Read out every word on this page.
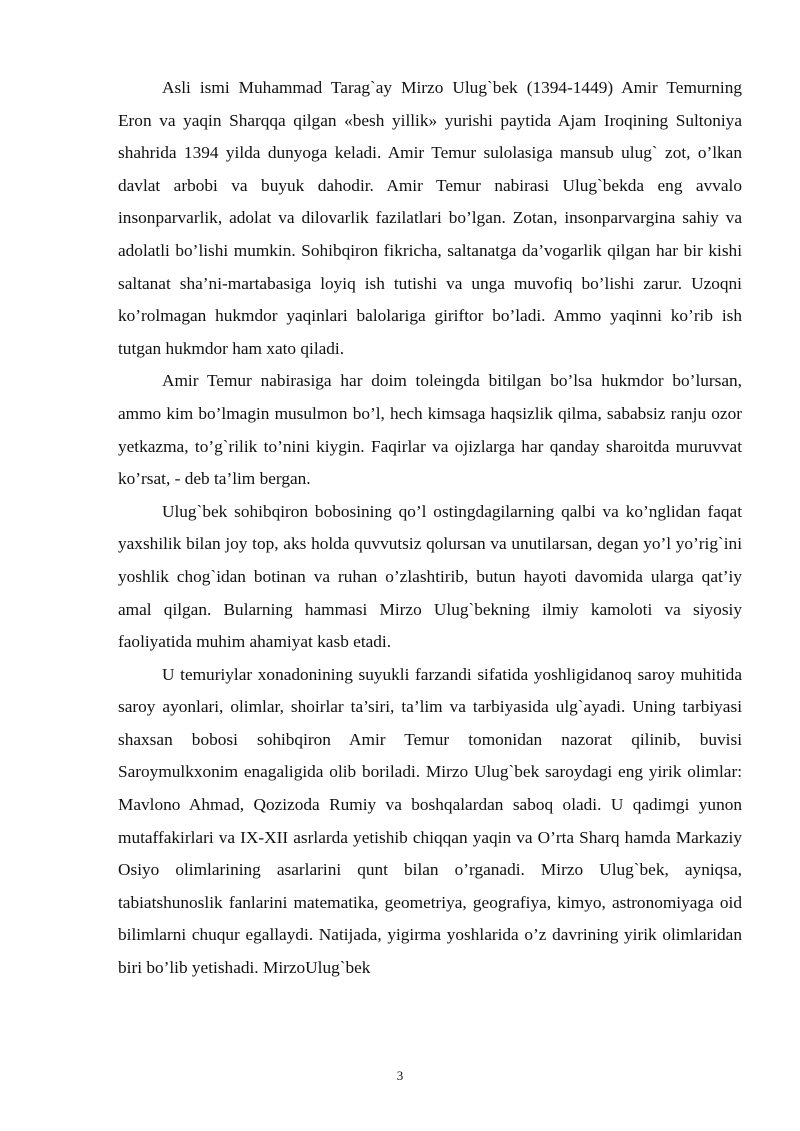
Asli ismi Muhammad Tarag`ay Mirzo Ulug`bek (1394-1449) Amir Temurning Eron va yaqin Sharqqa qilgan «besh yillik» yurishi paytida Ajam Iroqining Sultoniya shahrida 1394 yilda dunyoga keladi. Amir Temur sulolasiga mansub ulug` zot, o’lkan davlat arbobi va buyuk dahodir. Amir Temur nabirasi Ulug`bekda eng avvalo insonparvarlik, adolat va dilovarlik fazilatlari bo’lgan. Zotan, insonparvargina sahiy va adolatli bo’lishi mumkin. Sohibqiron fikricha, saltanatga da’vogarlik qilgan har bir kishi saltanat sha’ni-martabasiga loyiq ish tutishi va unga muvofiq bo’lishi zarur. Uzoqni ko’rolmagan hukmdor yaqinlari balolariga giriftor bo’ladi. Ammo yaqinni ko’rib ish tutgan hukmdor ham xato qiladi.

Amir Temur nabirasiga har doim toleingda bitilgan bo’lsa hukmdor bo’lursan, ammo kim bo’lmagin musulmon bo’l, hech kimsaga haqsizlik qilma, sababsiz ranju ozor yetkazma, to’g`rilik to’nini kiygin. Faqirlar va ojizlarga har qanday sharoitda muruvvat ko’rsat, - deb ta’lim bergan.

Ulug`bek sohibqiron bobosining qo’l ostingdagilarning qalbi va ko’nglidan faqat yaxshilik bilan joy top, aks holda quvvutsiz qolursan va unutilarsan, degan yo’l yo’rig`ini yoshlik chog`idan botinan va ruhan o’zlashtirib, butun hayoti davomida ularga qat’iy amal qilgan. Bularning hammasi Mirzo Ulug`bekning ilmiy kamoloti va siyosiy faoliyatida muhim ahamiyat kasb etadi.

U temuriylar xonadonining suyukli farzandi sifatida yoshligidanoq saroy muhitida saroy ayonlari, olimlar, shoirlar ta’siri, ta’lim va tarbiyasida ulg`ayadi. Uning tarbiyasi shaxsan bobosi sohibqiron Amir Temur tomonidan nazorat qilinib, buvisi Saroymulkxonim enagaligida olib boriladi. Mirzo Ulug`bek saroydagi eng yirik olimlar: Mavlono Ahmad, Qozizoda Rumiy va boshqalardan saboq oladi. U qadimgi yunon mutaffakirlari va IX-XII asrlarda yetishib chiqqan yaqin va O’rta Sharq hamda Markaziy Osiyo olimlarining asarlarini qunt bilan o’rganadi. Mirzo Ulug`bek, ayniqsa, tabiatshunoslik fanlarini matematika, geometriya, geografiya, kimyo, astronomiyaga oid bilimlarni chuqur egallaydi. Natijada, yigirma yoshlarida o’z davrining yirik olimlaridan biri bo’lib yetishadi. MirzoUlug`bek

3
